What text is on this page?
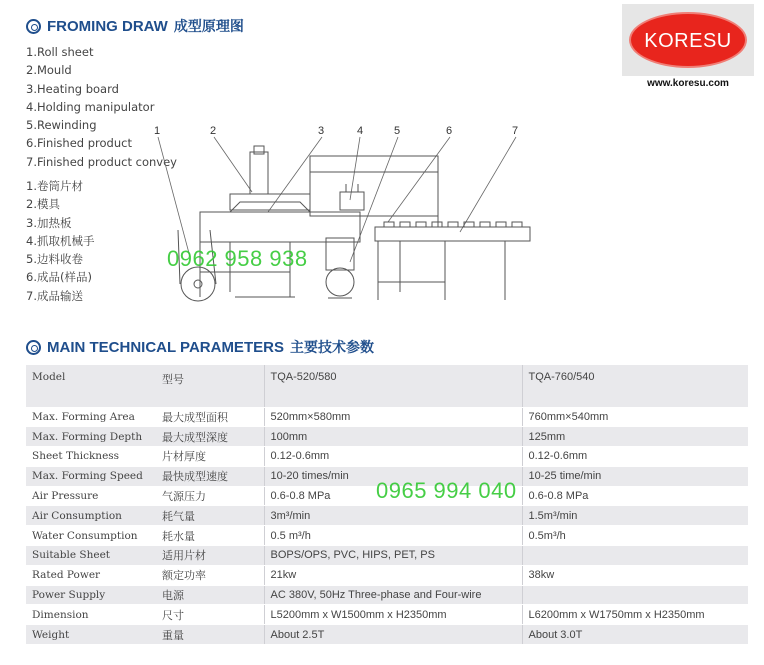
FROMING DRAW 成型原理图
1.Roll sheet
2.Mould
3.Heating board
4.Holding manipulator
5.Rewinding
6.Finished product
7.Finished product convey
1.卷筒片材
2.模具
3.加热板
4.抓取机械手
5.边料收卷
6.成品(样品)
7.成品输送
KORESU
www.koresu.com
1	2	3	4	5	6	7
0962 958 938
MAIN TECHNICAL PARAMETERS 主要技术参数
Model	型号	TQA-520/580	TQA-760/540
Max. Forming Area	最大成型面积	520mm×580mm	760mm×540mm
Max. Forming Depth	最大成型深度	100mm	125mm
Sheet Thickness	片材厚度	0.12-0.6mm	0.12-0.6mm
Max. Forming Speed	最快成型速度	10-20 times/min	10-25 time/min
Air Pressure	气源压力	0.6-0.8 MPa	0.6-0.8 MPa
Air Consumption	耗气量	3m³/min	1.5m³/min
Water Consumption	耗水量	0.5 m³/h	0.5m³/h
Suitable Sheet	适用片材	BOPS/OPS, PVC, HIPS, PET, PS	
Rated Power	额定功率	21kw	38kw
Power Supply	电源	AC 380V, 50Hz Three-phase and Four-wire	
Dimension	尺寸	L5200mm x W1500mm x H2350mm	L6200mm x W1750mm x H2350mm
Weight	重量	About 2.5T	About 3.0T
0965 994 040
